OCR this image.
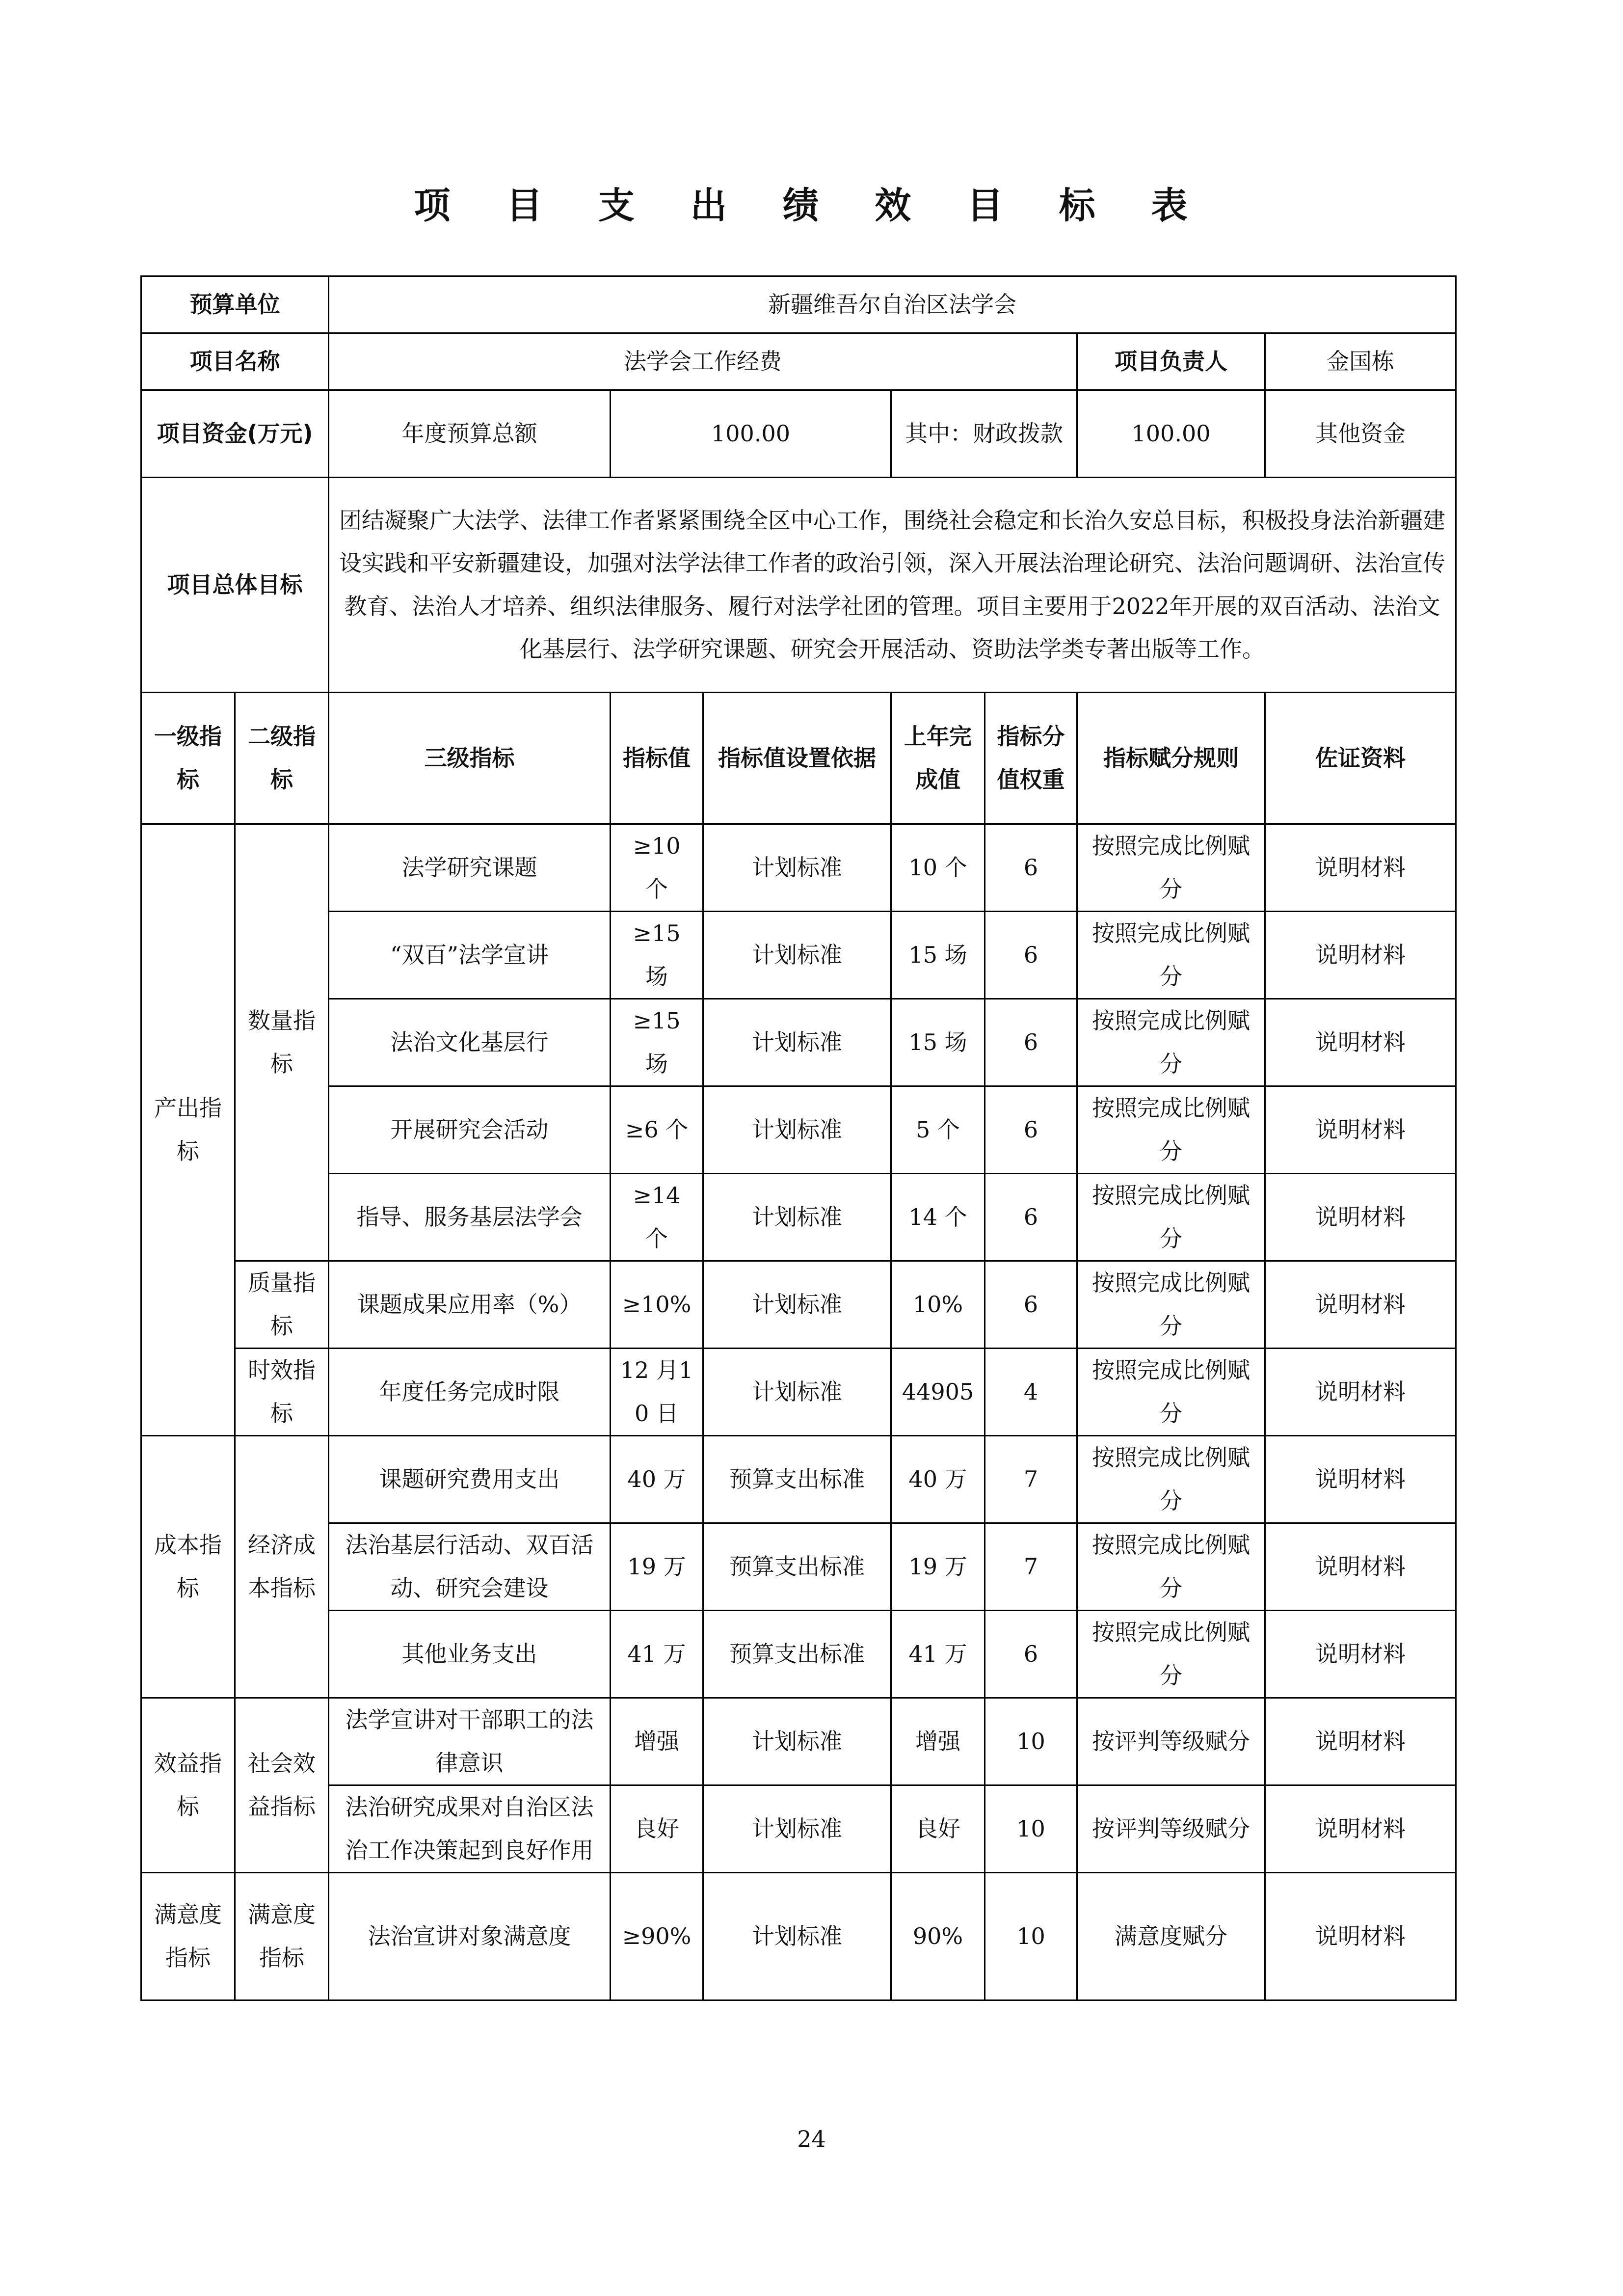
项 目 支 出 绩 效 目 标 表
预算单位		新疆维吾尔自治区法学会							
项目名称		法学会工作经费					项目负责人	金国栋	
项目资金(万元)		年度预算总额	100.00		其中：财政拨款		100.00	其他资金	
项目总体目标		团结凝聚广大法学、法律工作者紧紧围绕全区中心工作，围绕社会稳定和长治久安总目标，积极投身法治新疆建设实践和平安新疆建设，加强对法学法律工作者的政治引领，深入开展法治理论研究、法治问题调研、法治宣传教育、法治人才培养、组织法律服务、履行对法学社团的管理。项目主要用于2022年开展的双百活动、法治文化基层行、法学研究课题、研究会开展活动、资助法学类专著出版等工作。							
一级指标	二级指标	三级指标	指标值	指标值设置依据	上年完成值	指标分值权重	指标赋分规则	佐证资料	
产出指标	数量指标	法学研究课题	≥10 个	计划标准	10 个	6	按照完成比例赋分	说明材料	
		“双百”法学宣讲	≥15 场	计划标准	15 场	6	按照完成比例赋分	说明材料	
		法治文化基层行	≥15 场	计划标准	15 场	6	按照完成比例赋分	说明材料	
		开展研究会活动	≥6 个	计划标准	5 个	6	按照完成比例赋分	说明材料	
		指导、服务基层法学会	≥14 个	计划标准	14 个	6	按照完成比例赋分	说明材料	
	质量指标	课题成果应用率（%）	≥10%	计划标准	10%	6	按照完成比例赋分	说明材料	
	时效指标	年度任务完成时限	12 月10 日	计划标准	44905	4	按照完成比例赋分	说明材料	
成本指标	经济成本指标	课题研究费用支出	40 万	预算支出标准	40 万	7	按照完成比例赋分	说明材料	
		法治基层行活动、双百活动、研究会建设	19 万	预算支出标准	19 万	7	按照完成比例赋分	说明材料	
		其他业务支出	41 万	预算支出标准	41 万	6	按照完成比例赋分	说明材料	
效益指标	社会效益指标	法学宣讲对干部职工的法律意识	增强	计划标准	增强	10	按评判等级赋分	说明材料	
		法治研究成果对自治区法治工作决策起到良好作用	良好	计划标准	良好	10	按评判等级赋分	说明材料	
满意度指标	满意度指标	法治宣讲对象满意度	≥90%	计划标准	90%	10	满意度赋分	说明材料	
24
